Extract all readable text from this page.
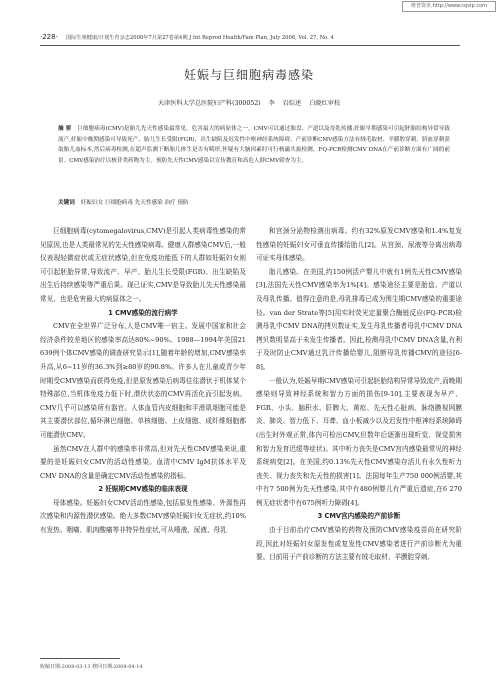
维普资讯 http://www.cqvip.com
·228· 国际生殖健康/计划生育杂志2008年7月第27卷第4期 J Int Reprod Health/Fam Plan, July 2008, Vol. 27, No. 4
妊娠与巨细胞病毒感染
天津医科大学总医院妇产科(300052) 李 岩综述 白晓红审校
摘 要 巨细胞病毒(CMV)是胎儿先天性感染最常见、危害最大的病原体之一。CMV可以通过胎盘、产道以及母乳传播,妊娠早期感染可引起胚胎结构异常导致流产,妊娠中晚期感染可导致死产、胎儿生长受限(FGR)、出生缺陷及迟发性中枢神经系统障碍。产前诊断CMV感染方法有绒毛取材、羊膜腔穿刺、脐血穿刺获取胎儿血标本,然后病毒检测,在超声监测下断胎儿体生是否有畸形,怀疑有大脑因素时可行核磁共振检测。FQ-PCR检测CMV DNA在产前诊断方面有广阔的前景。CMV感染治疗以核苷类药物为主。预防先天性CMV感染以宣传教育和高危人群CMV筛查为主。
关键词 妊娠妇女 巨细胞病毒 先天性感染 治疗 预防

巨细胞病毒(cytomegalovirus,CMV)是引起人类病毒性感染的常见原因,也是人类最常见的先天性感染病毒。健康人群感染CMV后,一般仅表现轻微症状或无症状感染,但在免疫功能低下的人群如妊娠妇女则可引起胚胎异常,导致流产、早产、胎儿生长受限(FGR)、出生缺陷及出生后持续感染等严重后果。现已证实,CMV是导致胎儿先天性感染最常见、也是危害最大的病原体之一。

1 CMV感染的流行病学

CMV在全世界广泛分布,人是CMV唯一宿主。发展中国家和社会经济条件较差地区的感染率高达80%~90%。1988—1994年美国21 639例个体CMV感染的调查研究显示[1],随着年龄的增加,CMV感染率升高,从6~11岁的36.3%到≥80岁的90.8%。许多人在儿童或青少年时期受CMV感染而获得免疫,但是原发感染后病毒往往潜伏于机体某个特殊部位,当机体免疫力低下时,潜伏状态的CMV再活化而引起发病。CMV几乎可以感染所有器官。人体血管内皮细胞和平滑肌细胞可能是其主要潜伏部位,循环淋巴细胞、单核细胞、上皮细胞、成纤维细胞都可能潜伏CMV。

虽然CMV在人群中的感染率非常高,但对先天性CMV感染来说,重要的是妊娠妇女CMV的活动性感染。血清中CMV IgM抗体水平及CMV DNA的含量是确定CMV活动性感染的指标。

2 妊娠期CMV感染的临床表现

母体感染。妊娠妇女CMV活动性感染,包括原发性感染、外源性再次感染和内源性潜伏感染。绝大多数CMV感染妊娠妇女无症状,约10%有发热、咽痛、肌肉酸痛等非特异性症状,可从唾液、尿液、母乳

和宫颈分泌物检测出病毒。约有32%原发CMV感染和1.4%复发性感染的妊娠妇女可垂直传播给胎儿[2]。从宫颈、尿液等分离出病毒可证实母体感染。

胎儿感染。在美国,约150例活产婴儿中就有1例先天性CMV感染[3],法国先天性CMV感染率为1%[4]。感染途径主要是胎盘、产道以及母乳传播。值得注意的是,母乳排毒已成为围生期CMV感染的重要途径。van der Strate等[5]用实时荧光定量聚合酶链反应(FQ-PCR)检测母乳中CMV DNA的拷贝数证实,发生母乳传播者母乳中CMV DNA拷贝数明显高于未发生传播者。因此,检测母乳中CMV DNA含量,有利于及时防止CMV通过乳汁传播给婴儿,阻断母乳传播CMV的途径[6-8]。

一般认为,妊娠早期CMV感染可引起胚胎结构异常导致流产,而晚期感染则导致神经系统和智力方面的损伤[9-10],主要表现为早产、FGR、小头、脑积水、肝脾大、黄疸、先天性心脏病、脉络膜视网膜炎、肺炎、智力低下、耳聋、血小板减少以及迟发性中枢神经系统障碍(出生时外观正常,体内可检出CMV,但数年后逐渐出现听觉、视觉损害和智力发育迟缓等症状)。其中听力丧失是CMV宫内感染最常见的神经系统病变[2]。在美国,约0.13%先天性CMV感染存活儿有永久性听力丧失、视力丧失和先天性的损害[1]。法国每年生产750 000例活婴,其中有7 500例为先天性感染,其中有480例婴儿有严重后遗症,在6 270例无症状者中有675例听力障碍[4]。

3 CMV宫内感染的产前诊断

由于目前治疗CMV感染的药物及预防CMV感染疫苗尚在研究阶段,因此对妊娠妇女原发性或复发性CMV感染者进行产前诊断尤为重要。目前用于产前诊断的方法主要有绒毛取材、羊膜腔穿刺、

收稿日期:2008-03-13 修回日期:2008-04-14
